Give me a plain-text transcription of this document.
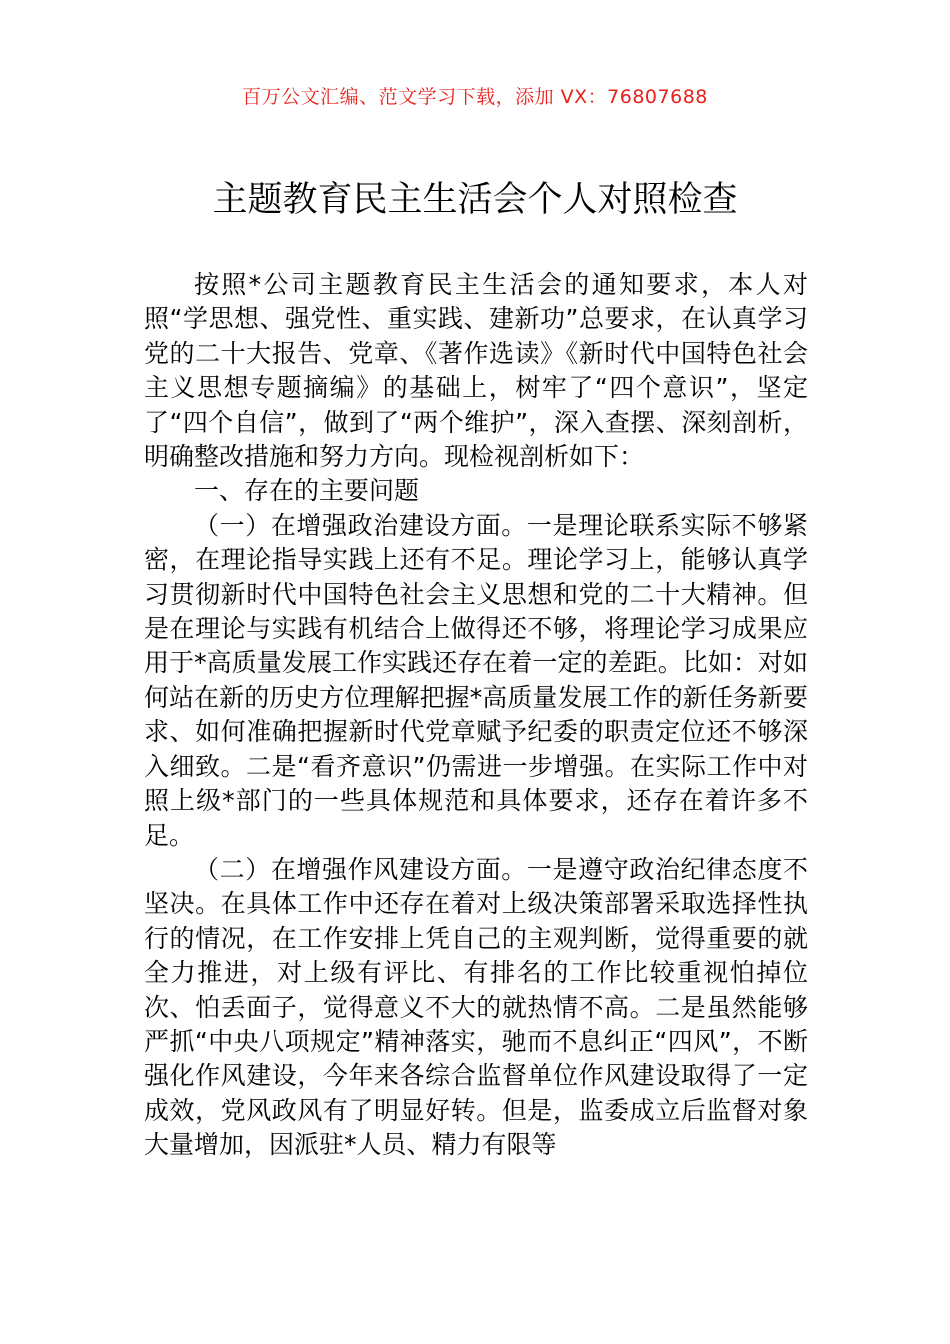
百万公文汇编、范文学习下载，添加 VX：76807688
主题教育民主生活会个人对照检查

按照*公司主题教育民主生活会的通知要求，本人对照“学思想、强党性、重实践、建新功”总要求，在认真学习党的二十大报告、党章、《著作选读》《新时代中国特色社会主义思想专题摘编》的基础上，树牢了“四个意识”，坚定了“四个自信”，做到了“两个维护”，深入查摆、深刻剖析，明确整改措施和努力方向。现检视剖析如下：

一、存在的主要问题

（一）在增强政治建设方面。一是理论联系实际不够紧密，在理论指导实践上还有不足。理论学习上，能够认真学习贯彻新时代中国特色社会主义思想和党的二十大精神。但是在理论与实践有机结合上做得还不够，将理论学习成果应用于*高质量发展工作实践还存在着一定的差距。比如：对如何站在新的历史方位理解把握*高质量发展工作的新任务新要求、如何准确把握新时代党章赋予纪委的职责定位还不够深入细致。二是“看齐意识”仍需进一步增强。在实际工作中对照上级*部门的一些具体规范和具体要求，还存在着许多不足。

（二）在增强作风建设方面。一是遵守政治纪律态度不坚决。在具体工作中还存在着对上级决策部署采取选择性执行的情况，在工作安排上凭自己的主观判断，觉得重要的就全力推进，对上级有评比、有排名的工作比较重视怕掉位次、怕丢面子，觉得意义不大的就热情不高。二是虽然能够严抓“中央八项规定”精神落实，驰而不息纠正“四风”，不断强化作风建设，今年来各综合监督单位作风建设取得了一定成效，党风政风有了明显好转。但是，监委成立后监督对象大量增加，因派驻*人员、精力有限等
